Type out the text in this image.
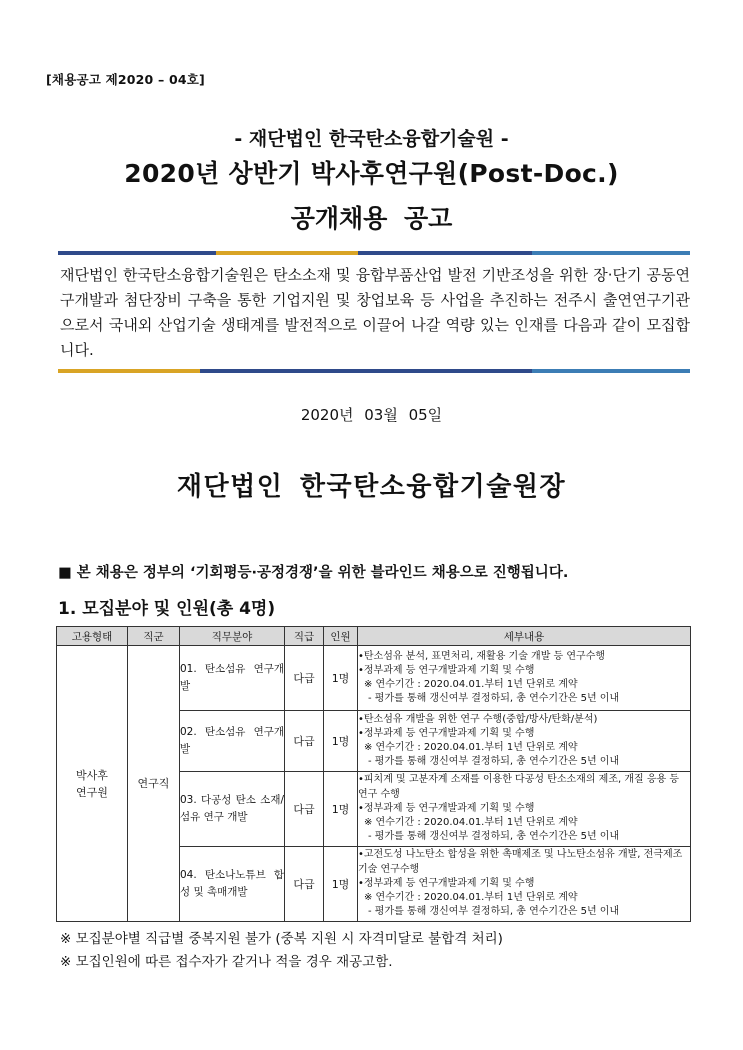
[채용공고 제2020 – 04호]
- 재단법인 한국탄소융합기술원 -
2020년 상반기 박사후연구원(Post-Doc.)
공개채용 공고
재단법인 한국탄소융합기술원은 탄소소재 및 융합부품산업 발전 기반조성을 위한 장·단기 공동연구개발과 첨단장비 구축을 통한 기업지원 및 창업보육 등 사업을 추진하는 전주시 출연연구기관으로서 국내외 산업기술 생태계를 발전적으로 이끌어 나갈 역량 있는 인재를 다음과 같이 모집합니다.
2020년 03월 05일
재단법인 한국탄소융합기술원장
■ 본 채용은 정부의 ‘기회평등·공정경쟁’을 위한 블라인드 채용으로 진행됩니다.
1. 모집분야 및 인원(총 4명)
고용형태	직군	직무분야	직급	인원	세부내용
박사후
연구원	연구직	01. 탄소섬유 연구개발	다급	1명	•탄소섬유 분석, 표면처리, 재활용 기술 개발 등 연구수행
•정부과제 등 연구개발과제 기획 및 수행
※ 연수기간 : 2020.04.01.부터 1년 단위로 계약
- 평가를 통해 갱신여부 결정하되, 총 연수기간은 5년 이내

		02. 탄소섬유 연구개발	다급	1명	•탄소섬유 개발을 위한 연구 수행(중합/방사/탄화/분석)
•정부과제 등 연구개발과제 기획 및 수행
※ 연수기간 : 2020.04.01.부터 1년 단위로 계약
- 평가를 통해 갱신여부 결정하되, 총 연수기간은 5년 이내

		03. 다공성 탄소 소재/섬유 연구 개발	다급	1명	•피치계 및 고분자계 소재를 이용한 다공성 탄소소재의 제조, 개질 응용 등 연구 수행
•정부과제 등 연구개발과제 기획 및 수행
※ 연수기간 : 2020.04.01.부터 1년 단위로 계약
- 평가를 통해 갱신여부 결정하되, 총 연수기간은 5년 이내

		04. 탄소나노튜브 합성 및 촉매개발	다급	1명	•고전도성 나노탄소 합성을 위한 촉매제조 및 나노탄소섬유 개발, 전극제조 기술 연구수행
•정부과제 등 연구개발과제 기획 및 수행
※ 연수기간 : 2020.04.01.부터 1년 단위로 계약
- 평가를 통해 갱신여부 결정하되, 총 연수기간은 5년 이내
※ 모집분야별 직급별 중복지원 불가 (중복 지원 시 자격미달로 불합격 처리)
※ 모집인원에 따른 접수자가 같거나 적을 경우 재공고함.
